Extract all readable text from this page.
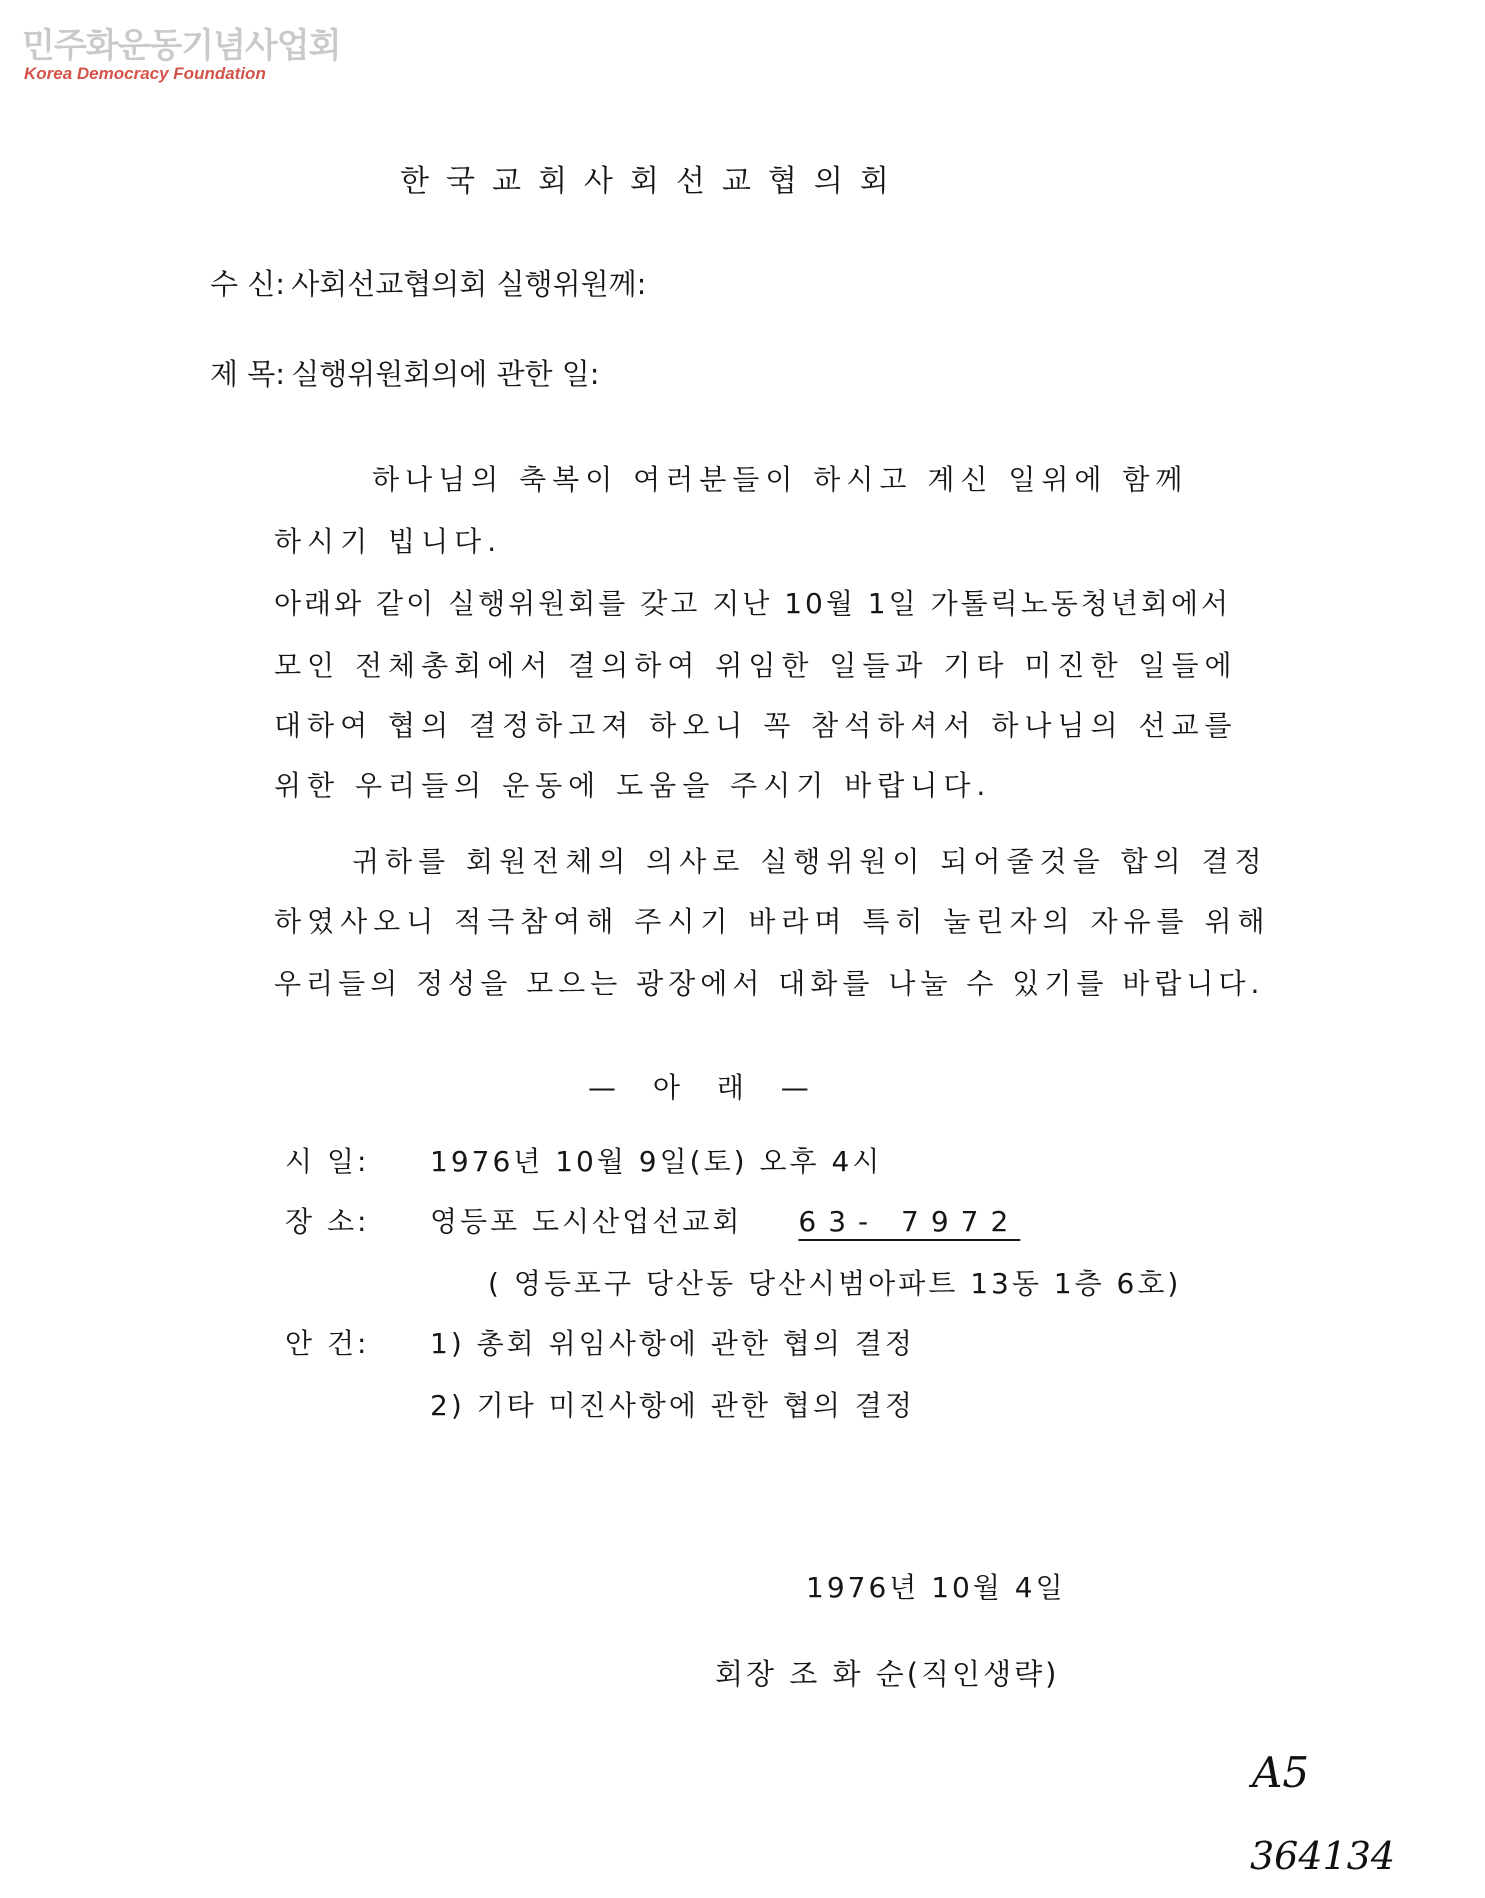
민주화운동기념사업회
Korea Democracy Foundation
한국교회사회선교협의회
수 신: 사회선교협의회 실행위원께:
제 목: 실행위원회의에 관한 일:
하나님의 축복이 여러분들이 하시고 계신 일위에 함께
하시기 빕니다.
아래와 같이 실행위원회를 갖고 지난 10월 1일 가톨릭노동청년회에서
모인 전체총회에서 결의하여 위임한 일들과 기타 미진한 일들에
대하여 협의 결정하고져 하오니 꼭 참석하셔서 하나님의 선교를
위한 우리들의 운동에 도움을 주시기 바랍니다.
귀하를 회원전체의 의사로 실행위원이 되어줄것을 합의 결정
하였사오니 적극참여해 주시기 바라며 특히 눌린자의 자유를 위해
우리들의 정성을 모으는 광장에서 대화를 나눌 수 있기를 바랍니다.
— 아 래 —
시 일: 1976년 10월 9일(토) 오후 4시
장 소: 영등포 도시산업선교회 63- 7972
( 영등포구 당산동 당산시범아파트 13동 1층 6호)
안 건: 1) 총회 위임사항에 관한 협의 결정
2) 기타 미진사항에 관한 협의 결정
1976년 10월 4일
회장 조 화 순(직인생략)
A5
364134
